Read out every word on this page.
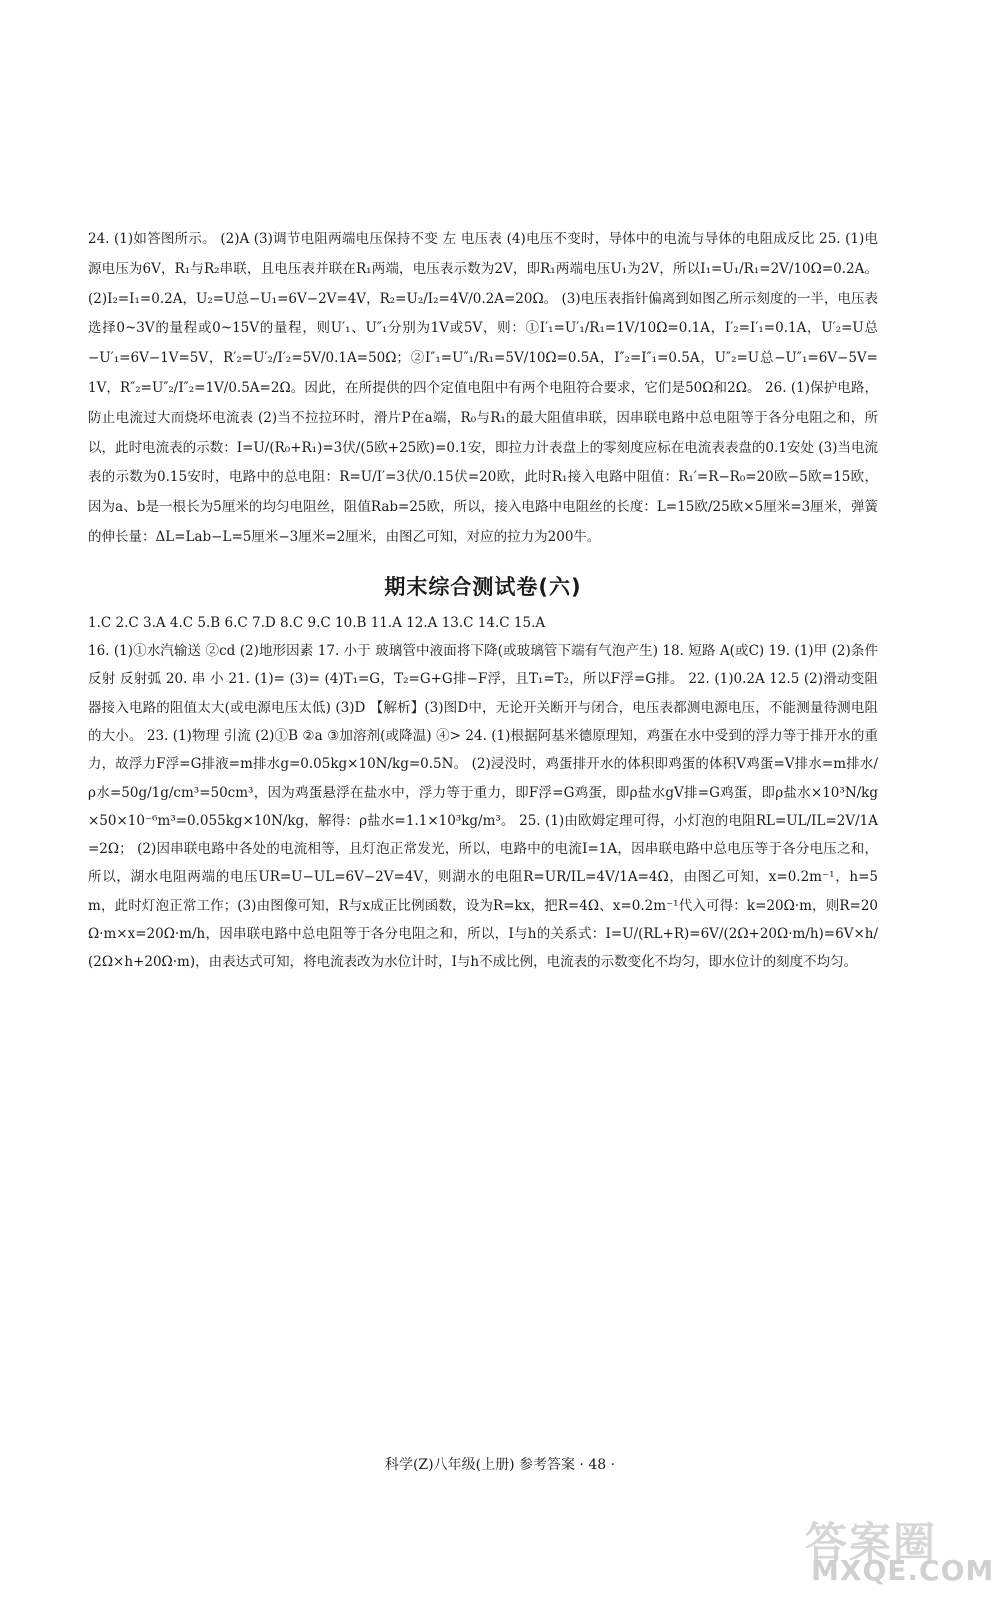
24. (1)如答图所示。 (2)A (3)调节电阻两端电压保持不变 左 电压表 (4)电压不变时，导体中的电流与导体的电阻成反比 25. (1)电源电压为6V，R₁与R₂串联，且电压表并联在R₁两端，电压表示数为2V，即R₁两端电压U₁为2V，所以I₁=U₁/R₁=2V/10Ω=0.2A。 (2)I₂=I₁=0.2A，U₂=U总−U₁=6V−2V=4V，R₂=U₂/I₂=4V/0.2A=20Ω。 (3)电压表指针偏离到如图乙所示刻度的一半，电压表选择0~3V的量程或0~15V的量程，则U′₁、U″₁分别为1V或5V，则：①I′₁=U′₁/R₁=1V/10Ω=0.1A，I′₂=I′₁=0.1A，U′₂=U总−U′₁=6V−1V=5V，R′₂=U′₂/I′₂=5V/0.1A=50Ω；②I″₁=U″₁/R₁=5V/10Ω=0.5A，I″₂=I″₁=0.5A，U″₂=U总−U″₁=6V−5V=1V，R″₂=U″₂/I″₂=1V/0.5A=2Ω。因此，在所提供的四个定值电阻中有两个电阻符合要求，它们是50Ω和2Ω。 26. (1)保护电路，防止电流过大而烧坏电流表 (2)当不拉拉环时，滑片P在a端，R₀与R₁的最大阻值串联，因串联电路中总电阻等于各分电阻之和，所以，此时电流表的示数：I=U/(R₀+R₁)=3伏/(5欧+25欧)=0.1安，即拉力计表盘上的零刻度应标在电流表表盘的0.1安处 (3)当电流表的示数为0.15安时，电路中的总电阻：R=U/I′=3伏/0.15伏=20欧，此时R₁接入电路中阻值：R₁′=R−R₀=20欧−5欧=15欧，因为a、b是一根长为5厘米的均匀电阻丝，阻值Rab=25欧，所以，接入电路中电阻丝的长度：L=15欧/25欧×5厘米=3厘米，弹簧的伸长量：ΔL=Lab−L=5厘米−3厘米=2厘米，由图乙可知，对应的拉力为200牛。

期末综合测试卷(六)

1.C 2.C 3.A 4.C 5.B 6.C 7.D 8.C 9.C 10.B 11.A 12.A 13.C 14.C 15.A

16. (1)①水汽输送 ②cd (2)地形因素 17. 小于 玻璃管中液面将下降(或玻璃管下端有气泡产生) 18. 短路 A(或C) 19. (1)甲 (2)条件反射 反射弧 20. 串 小 21. (1)= (3)= (4)T₁=G，T₂=G+G排−F浮，且T₁=T₂，所以F浮=G排。 22. (1)0.2A 12.5 (2)滑动变阻器接入电路的阻值太大(或电源电压太低) (3)D 【解析】(3)图D中，无论开关断开与闭合，电压表都测电源电压，不能测量待测电阻的大小。 23. (1)物理 引流 (2)①B ②a ③加溶剂(或降温) ④> 24. (1)根据阿基米德原理知，鸡蛋在水中受到的浮力等于排开水的重力，故浮力F浮=G排液=m排水g=0.05kg×10N/kg=0.5N。 (2)浸没时，鸡蛋排开水的体积即鸡蛋的体积V鸡蛋=V排水=m排水/ρ水=50g/1g/cm³=50cm³，因为鸡蛋悬浮在盐水中，浮力等于重力，即F浮=G鸡蛋，即ρ盐水gV排=G鸡蛋，即ρ盐水×10³N/kg×50×10⁻⁶m³=0.055kg×10N/kg，解得：ρ盐水=1.1×10³kg/m³。 25. (1)由欧姆定理可得，小灯泡的电阻RL=UL/IL=2V/1A=2Ω； (2)因串联电路中各处的电流相等，且灯泡正常发光，所以，电路中的电流I=1A，因串联电路中总电压等于各分电压之和，所以，湖水电阻两端的电压UR=U−UL=6V−2V=4V，则湖水的电阻R=UR/IL=4V/1A=4Ω，由图乙可知，x=0.2m⁻¹，h=5m，此时灯泡正常工作；(3)由图像可知，R与x成正比例函数，设为R=kx，把R=4Ω、x=0.2m⁻¹代入可得：k=20Ω·m，则R=20Ω·m×x=20Ω·m/h，因串联电路中总电阻等于各分电阻之和，所以，I与h的关系式：I=U/(RL+R)=6V/(2Ω+20Ω·m/h)=6V×h/(2Ω×h+20Ω·m)，由表达式可知，将电流表改为水位计时，I与h不成比例，电流表的示数变化不均匀，即水位计的刻度不均匀。

科学(Z)八年级(上册) 参考答案 · 48 ·
答案圈
MXQE.COM
